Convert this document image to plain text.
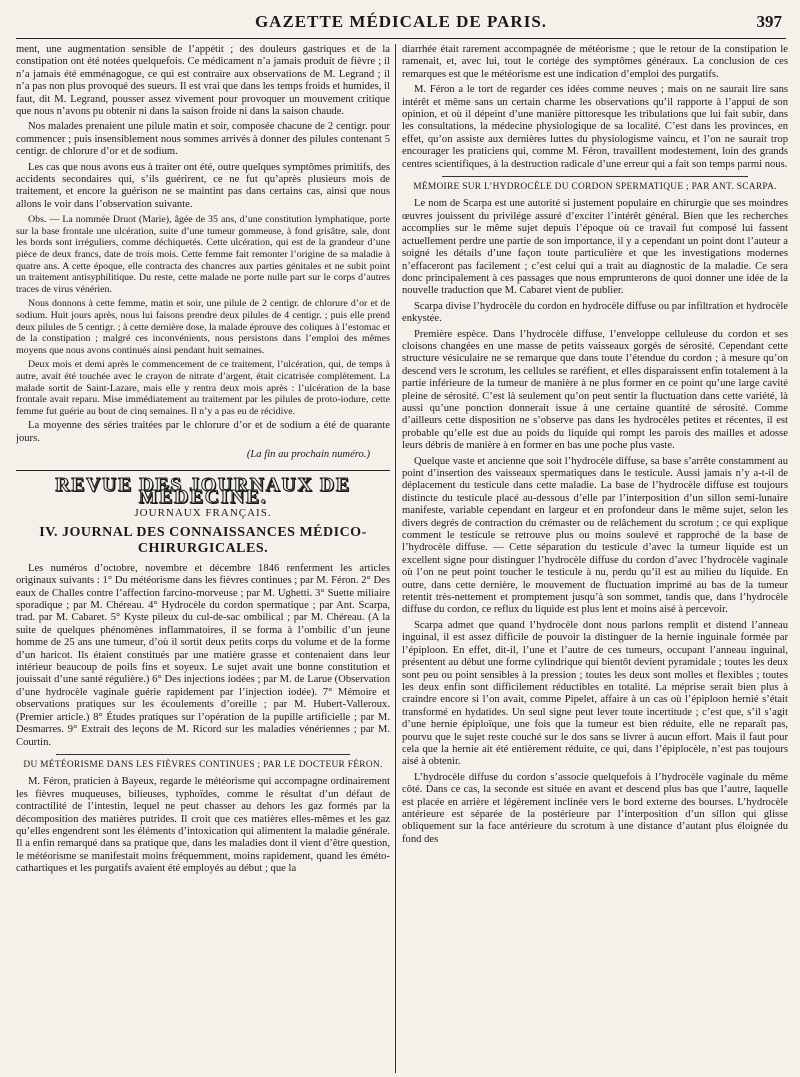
GAZETTE MÉDICALE DE PARIS.	397

ment, une augmentation sensible de l’appétit ; des douleurs gastriques et de la constipation ont été notées quelquefois. Ce médicament n’a jamais produit de fièvre ; il n’a jamais été emménagogue, ce qui est contraire aux observations de M. Legrand ; il n’a pas non plus provoqué des sueurs. Il est vrai que dans les temps froids et humides, il faut, dit M. Legrand, pousser assez vivement pour provoquer un mouvement critique que nous n’avons pu obtenir ni dans la saison froide ni dans la saison chaude.

Nos malades prenaient une pilule matin et soir, composée chacune de 2 centigr. pour commencer ; puis insensiblement nous sommes arrivés à donner des pilules contenant 5 centigr. de chlorure d’or et de sodium.

Les cas que nous avons eus à traiter ont été, outre quelques symptômes primitifs, des accidents secondaires qui, s’ils guérirent, ce ne fut qu’après plusieurs mois de traitement, et encore la guérison ne se maintint pas dans certains cas, ainsi que nous allons le voir dans l’observation suivante.

Obs. — La nommée Druot (Marie), âgée de 35 ans, d’une constitution lymphatique, porte sur la base frontale une ulcération, suite d’une tumeur gommeuse, à fond grisâtre, sale, dont les bords sont irréguliers, comme déchiquetés. Cette ulcération, qui est de la grandeur d’une pièce de deux francs, date de trois mois. Cette femme fait remonter l’origine de sa maladie à quatre ans. A cette époque, elle contracta des chancres aux parties génitales et ne subit point un traitement antisyphilitique. Du reste, cette malade ne porte nulle part sur le corps d’autres traces de virus vénérien.

Nous donnons à cette femme, matin et soir, une pilule de 2 centigr. de chlorure d’or et de sodium. Huit jours après, nous lui faisons prendre deux pilules de 4 centigr. ; puis elle prend deux pilules de 5 centigr. ; à cette dernière dose, la malade éprouve des coliques à l’estomac et de la constipation ; malgré ces inconvénients, nous persistons dans l’emploi des mêmes moyens que nous avons continués ainsi pendant huit semaines.

Deux mois et demi après le commencement de ce traitement, l’ulcération, qui, de temps à autre, avait été touchée avec le crayon de nitrate d’argent, était cicatrisée complètement. La malade sortit de Saint-Lazare, mais elle y rentra deux mois après : l’ulcération de la base frontale avait reparu. Mise immédiatement au traitement par les pilules de proto-iodure, cette femme fut guérie au bout de cinq semaines. Il n’y a pas eu de récidive.

La moyenne des séries traitées par le chlorure d’or et de sodium a été de quarante jours.

(La fin au prochain numéro.)
REVUE DES JOURNAUX DE MÉDECINE.
JOURNAUX FRANÇAIS.
IV. JOURNAL DES CONNAISSANCES MÉDICO-CHIRURGICALES.

Les numéros d’octobre, novembre et décembre 1846 renferment les articles originaux suivants : 1° Du météorisme dans les fièvres continues ; par M. Féron. 2° Des eaux de Challes contre l’affection farcino-morveuse ; par M. Ughetti. 3° Suette miliaire sporadique ; par M. Chéreau. 4° Hydrocèle du cordon spermatique ; par Ant. Scarpa, trad. par M. Cabaret. 5° Kyste pileux du cul-de-sac ombilical ; par M. Chéreau. (A la suite de quelques phénomènes inflammatoires, il se forma à l’ombilic d’un jeune homme de 25 ans une tumeur, d’où il sortit deux petits corps du volume et de la forme d’un haricot. Ils étaient constitués par une matière grasse et contenaient dans leur intérieur beaucoup de poils fins et soyeux. Le sujet avait une bonne constitution et jouissait d’une santé régulière.) 6° Des injections iodées ; par M. de Larue (Observation d’une hydrocèle vaginale guérie rapidement par l’injection iodée). 7° Mémoire et observations pratiques sur les écoulements d’oreille ; par M. Hubert-Valleroux. (Premier article.) 8° Études pratiques sur l’opération de la pupille artificielle ; par M. Desmarres. 9° Extrait des leçons de M. Ricord sur les maladies vénériennes ; par M. Courtin.

DU MÉTÉORISME DANS LES FIÈVRES CONTINUES ; PAR LE DOCTEUR FÉRON.

M. Féron, praticien à Bayeux, regarde le météorisme qui accompagne ordinairement les fièvres muqueuses, bilieuses, typhoïdes, comme le résultat d’un défaut de contractilité de l’intestin, lequel ne peut chasser au dehors les gaz formés par la décomposition des matières putrides. Il croit que ces matières elles-mêmes et les gaz qu’elles engendrent sont les éléments d’intoxication qui alimentent la maladie générale. Il a enfin remarqué dans sa pratique que, dans les maladies dont il vient d’être question, le météorisme se manifestait moins fréquemment, moins rapidement, quand les éméto-cathartiques et les purgatifs avaient été employés au début ; que la

diarrhée était rarement accompagnée de météorisme ; que le retour de la constipation le ramenait, et, avec lui, tout le cortége des symptômes généraux. La conclusion de ces remarques est que le météorisme est une indication d’emploi des purgatifs.

M. Féron a le tort de regarder ces idées comme neuves ; mais on ne saurait lire sans intérêt et même sans un certain charme les observations qu’il rapporte à l’appui de son opinion, et où il dépeint d’une manière pittoresque les tribulations que lui fait subir, dans les consultations, la médecine physiologique de sa localité. C’est dans les provinces, en effet, qu’on assiste aux dernières luttes du physiologisme vaincu, et l’on ne saurait trop encourager les praticiens qui, comme M. Féron, travaillent modestement, loin des grands centres scientifiques, à la destruction radicale d’une erreur qui a fait son temps parmi nous.

MÉMOIRE SUR L’HYDROCÈLE DU CORDON SPERMATIQUE ; PAR ANT. SCARPA.

Le nom de Scarpa est une autorité si justement populaire en chirurgie que ses moindres œuvres jouissent du privilége assuré d’exciter l’intérêt général. Bien que les recherches accomplies sur le même sujet depuis l’époque où ce travail fut composé lui fassent actuellement perdre une partie de son importance, il y a cependant un point dont l’auteur a soigné les détails d’une façon toute particulière et que les investigations modernes n’effaceront pas facilement ; c’est celui qui a trait au diagnostic de la maladie. Ce sera donc principalement à ces passages que nous emprunterons de quoi donner une idée de la nouvelle traduction que M. Cabaret vient de publier.

Scarpa divise l’hydrocèle du cordon en hydrocèle diffuse ou par infiltration et hydrocèle enkystée.

Première espèce. Dans l’hydrocèle diffuse, l’enveloppe celluleuse du cordon et ses cloisons changées en une masse de petits vaisseaux gorgés de sérosité. Cependant cette structure vésiculaire ne se remarque que dans toute l’étendue du cordon ; à mesure qu’on descend vers le scrotum, les cellules se raréfient, et elles disparaissent enfin totalement à la partie inférieure de la tumeur de manière à ne plus former en ce point qu’une large cavité pleine de sérosité. C’est là seulement qu’on peut sentir la fluctuation dans cette variété, là aussi qu’une ponction donnerait issue à une certaine quantité de sérosité. Comme d’ailleurs cette disposition ne s’observe pas dans les hydrocèles petites et récentes, il est probable qu’elle est due au poids du liquide qui rompt les parois des mailles et adosse leurs débris de manière à en former en bas une poche plus vaste.

Quelque vaste et ancienne que soit l’hydrocèle diffuse, sa base s’arrête constamment au point d’insertion des vaisseaux spermatiques dans le testicule. Aussi jamais n’y a-t-il de déplacement du testicule dans cette maladie. La base de l’hydrocèle diffuse est toujours distincte du testicule placé au-dessous d’elle par l’interposition d’un sillon semi-lunaire manifeste, variable cependant en largeur et en profondeur dans le même sujet, selon les divers degrés de contraction du crémaster ou de relâchement du scrotum ; ce qui explique comment le testicule se retrouve plus ou moins soulevé et rapproché de la base de l’hydrocèle diffuse. — Cette séparation du testicule d’avec la tumeur liquide est un excellent signe pour distinguer l’hydrocèle diffuse du cordon d’avec l’hydrocèle vaginale où l’on ne peut point toucher le testicule à nu, perdu qu’il est au milieu du liquide. En outre, dans cette dernière, le mouvement de fluctuation imprimé au bas de la tumeur retentit très-nettement et promptement jusqu’à son sommet, tandis que, dans l’hydrocèle diffuse du cordon, ce reflux du liquide est plus lent et moins aisé à percevoir.

Scarpa admet que quand l’hydrocèle dont nous parlons remplit et distend l’anneau inguinal, il est assez difficile de pouvoir la distinguer de la hernie inguinale formée par l’épiploon. En effet, dit-il, l’une et l’autre de ces tumeurs, occupant l’anneau inguinal, présentent au début une forme cylindrique qui bientôt devient pyramidale ; toutes les deux sont peu ou point sensibles à la pression ; toutes les deux sont molles et flexibles ; toutes les deux enfin sont difficilement réductibles en totalité. La méprise serait bien plus à craindre encore si l’on avait, comme Pipelet, affaire à un cas où l’épiploon hernié s’était transformé en hydatides. Un seul signe peut lever toute incertitude ; c’est que, s’il s’agit d’une hernie épiploïque, une fois que la tumeur est bien réduite, elle ne reparaît pas, pourvu que le sujet reste couché sur le dos sans se livrer à aucun effort. Mais il faut pour cela que la hernie ait été entièrement réduite, ce qui, dans l’épiplocèle, n’est pas toujours aisé à obtenir.

L’hydrocèle diffuse du cordon s’associe quelquefois à l’hydrocèle vaginale du même côté. Dans ce cas, la seconde est située en avant et descend plus bas que l’autre, laquelle est placée en arrière et légèrement inclinée vers le bord externe des bourses. L’hydrocèle antérieure est séparée de la postérieure par l’interposition d’un sillon qui glisse obliquement sur la face antérieure du scrotum à une distance d’autant plus éloignée du fond des
